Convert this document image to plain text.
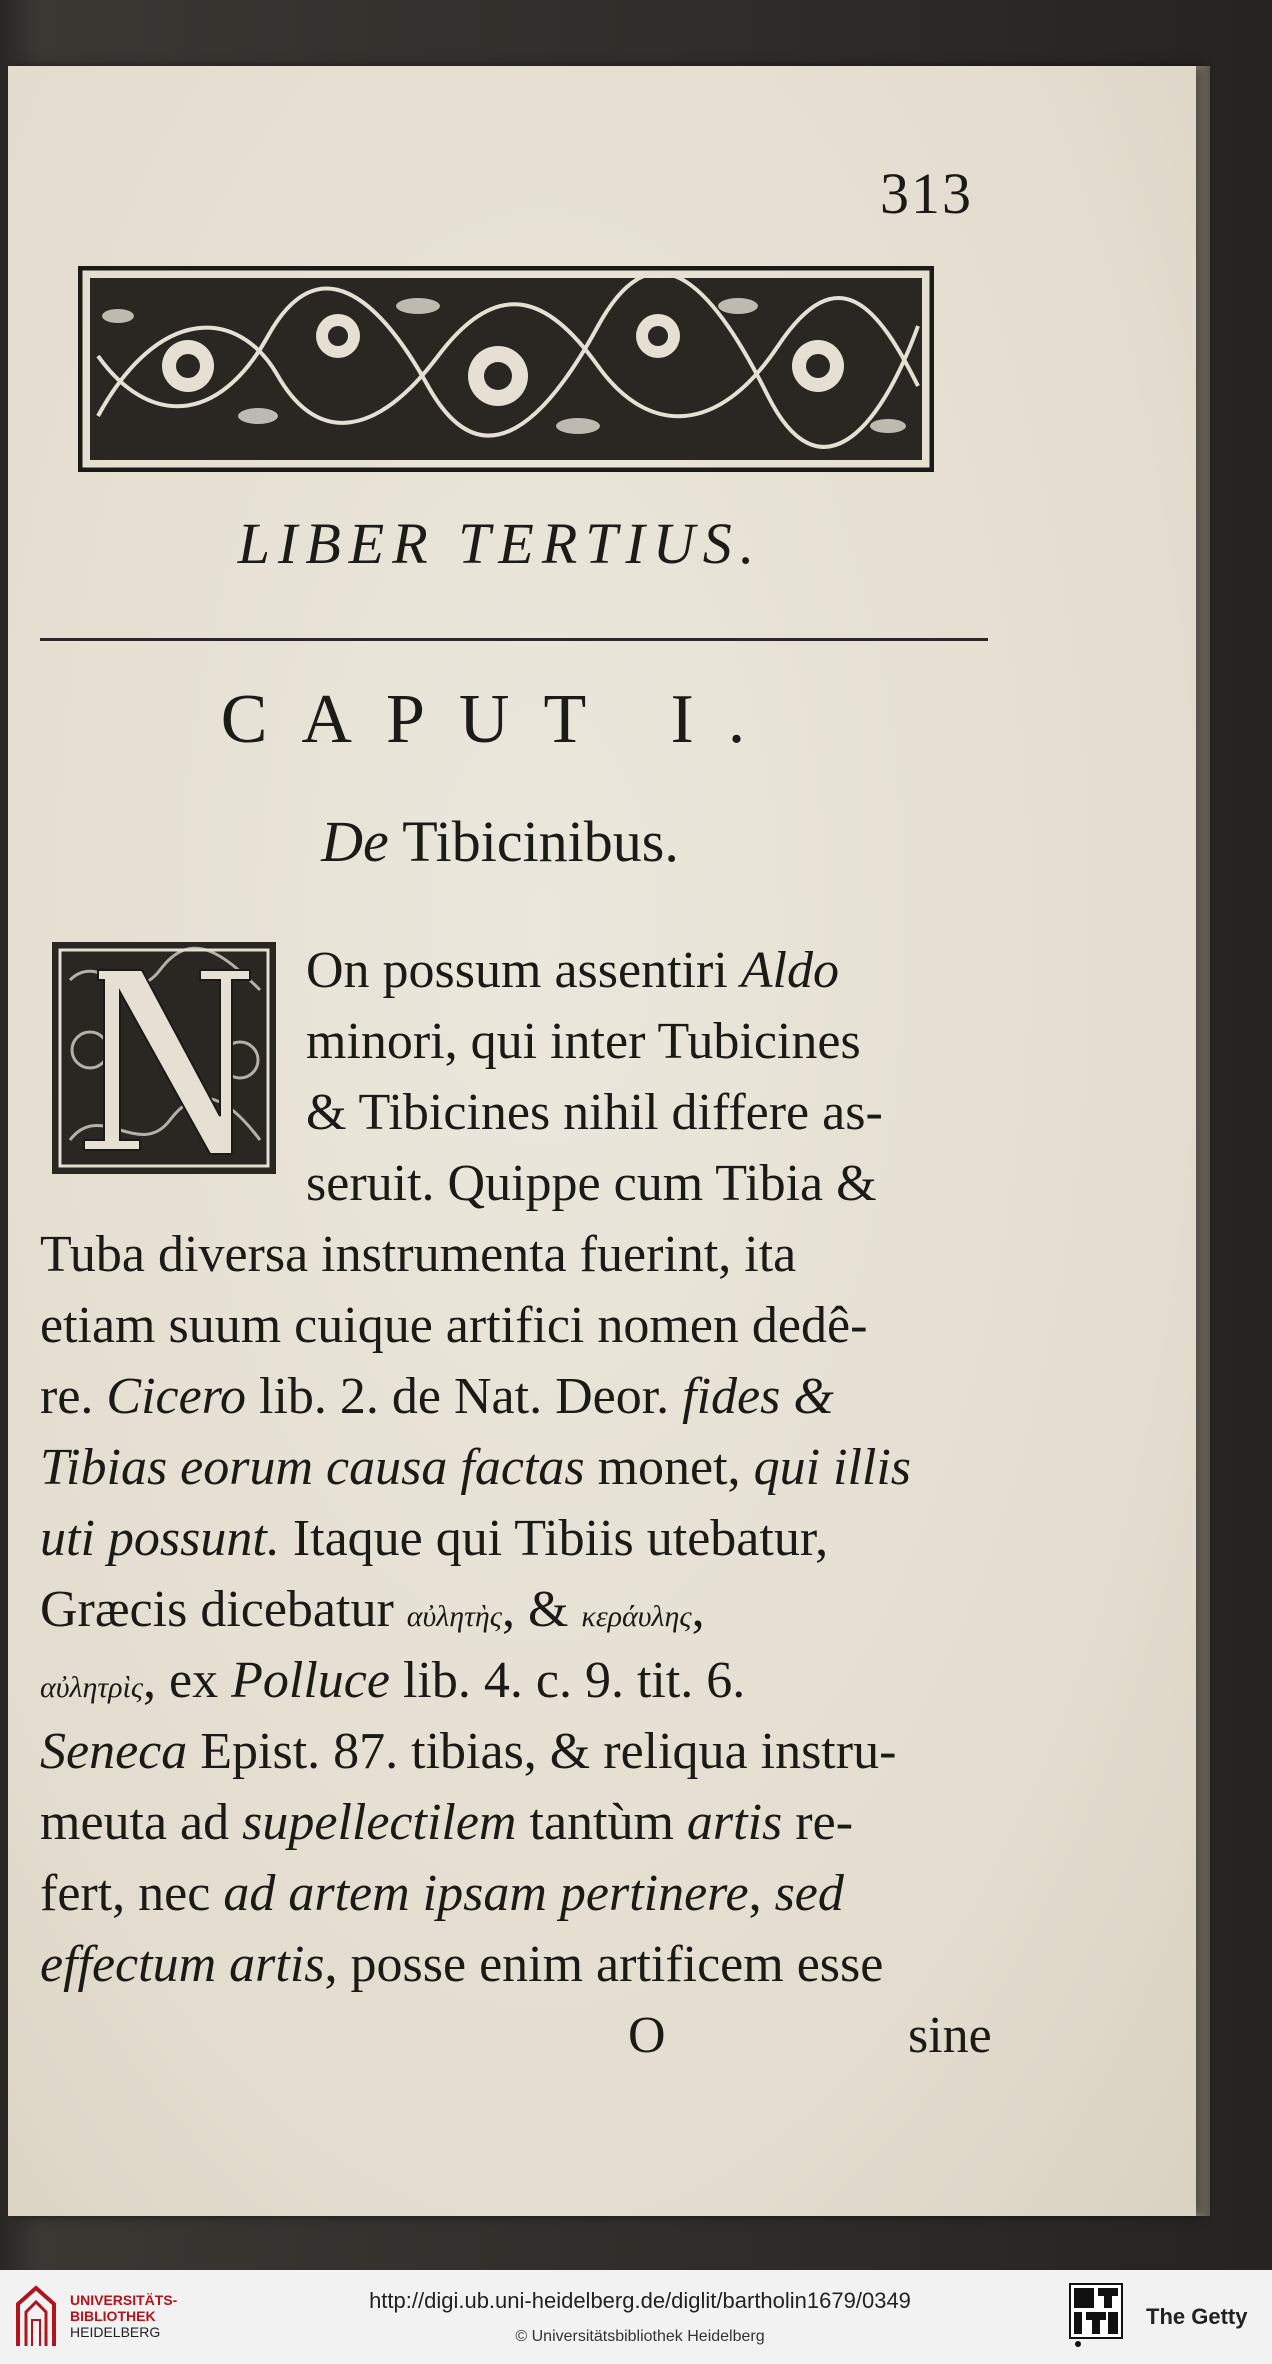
313
LIBER TERTIUS.
CAPUT I.
De Tibicinibus.
On possum assentiri Aldo
minori, qui inter Tubicines
& Tibicines nihil differe as-
seruit. Quippe cum Tibia &
Tuba diversa instrumenta fuerint, ita
etiam suum cuique artifici nomen dedê-
re. Cicero lib. 2. de Nat. Deor. fides &
Tibias eorum causa factas monet, qui illis
uti possunt. Itaque qui Tibiis utebatur,
Græcis dicebatur αὐλητὴς, & κεράυλης,
αὐλητρὶς, ex Polluce lib. 4. c. 9. tit. 6.
Seneca Epist. 87. tibias, & reliqua instru-
meuta ad supellectilem tantùm artis re-
fert, nec ad artem ipsam pertinere, sed
effectum artis, posse enim artificem esse
O	sine
UNIVERSITÄTS-
BIBLIOTHEK
HEIDELBERG
http://digi.ub.uni-heidelberg.de/diglit/bartholin1679/0349
© Universitätsbibliothek Heidelberg
The Getty
